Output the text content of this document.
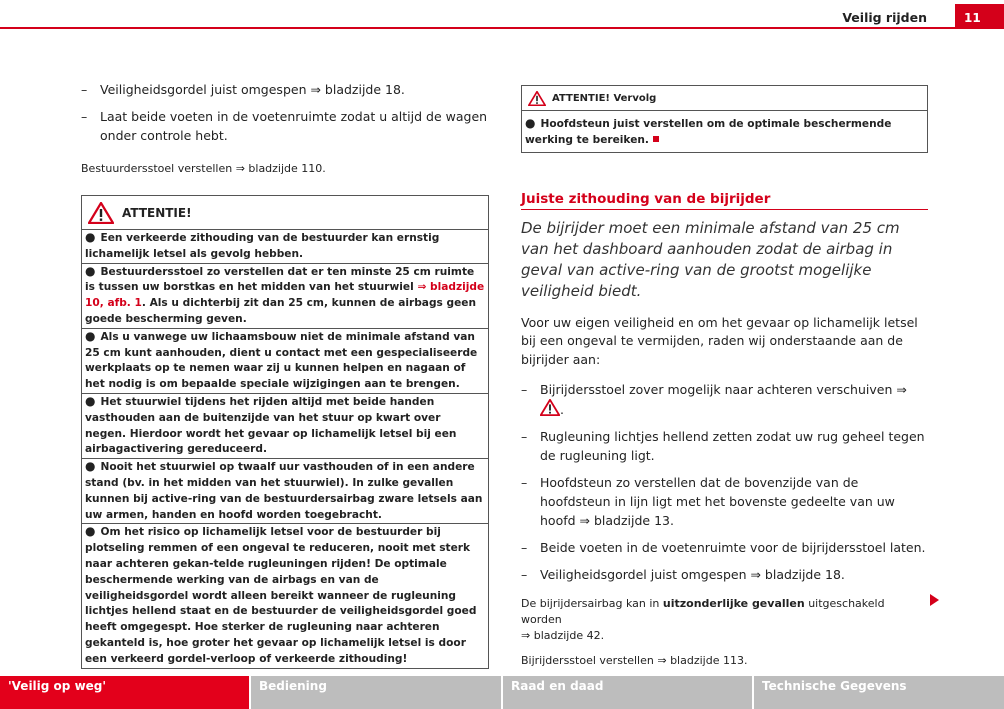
Veilig rijden	11
– Veiligheidsgordel juist omgespen ⇒ bladzijde 18.
– Laat beide voeten in de voetenruimte zodat u altijd de wagen onder controle hebt.
Bestuurdersstoel verstellen ⇒ bladzijde 110.
ATTENTIE!
● Een verkeerde zithouding van de bestuurder kan ernstig lichamelijk letsel als gevolg hebben.
● Bestuurdersstoel zo verstellen dat er ten minste 25 cm ruimte is tussen uw borstkas en het midden van het stuurwiel ⇒ bladzijde 10, afb. 1. Als u dichterbij zit dan 25 cm, kunnen de airbags geen goede bescherming geven.
● Als u vanwege uw lichaamsbouw niet de minimale afstand van 25 cm kunt aanhouden, dient u contact met een gespecialiseerde werkplaats op te nemen waar zij u kunnen helpen en nagaan of het nodig is om bepaalde speciale wijzigingen aan te brengen.
● Het stuurwiel tijdens het rijden altijd met beide handen vasthouden aan de buitenzijde van het stuur op kwart over negen. Hierdoor wordt het gevaar op lichamelijk letsel bij een airbagactivering gereduceerd.
● Nooit het stuurwiel op twaalf uur vasthouden of in een andere stand (bv. in het midden van het stuurwiel). In zulke gevallen kunnen bij active-ring van de bestuurdersairbag zware letsels aan uw armen, handen en hoofd worden toegebracht.
● Om het risico op lichamelijk letsel voor de bestuurder bij plotseling remmen of een ongeval te reduceren, nooit met sterk naar achteren gekan-telde rugleuningen rijden! De optimale beschermende werking van de airbags en van de veiligheidsgordel wordt alleen bereikt wanneer de rugleuning lichtjes hellend staat en de bestuurder de veiligheidsgordel goed heeft omgegespt. Hoe sterker de rugleuning naar achteren gekanteld is, hoe groter het gevaar op lichamelijk letsel is door een verkeerd gordel-verloop of verkeerde zithouding!
ATTENTIE! Vervolg
● Hoofdsteun juist verstellen om de optimale beschermende werking te bereiken.
Juiste zithouding van de bijrijder
De bijrijder moet een minimale afstand van 25 cm van het dashboard aanhouden zodat de airbag in geval van active-ring van de grootst mogelijke veiligheid biedt.
Voor uw eigen veiligheid en om het gevaar op lichamelijk letsel bij een ongeval te vermijden, raden wij onderstaande aan de bijrijder aan:
– Bijrijdersstoel zover mogelijk naar achteren verschuiven ⇒ .
– Rugleuning lichtjes hellend zetten zodat uw rug geheel tegen de rugleuning ligt.
– Hoofdsteun zo verstellen dat de bovenzijde van de hoofdsteun in lijn ligt met het bovenste gedeelte van uw hoofd ⇒ bladzijde 13.
– Beide voeten in de voetenruimte voor de bijrijdersstoel laten.
– Veiligheidsgordel juist omgespen ⇒ bladzijde 18.
De bijrijdersairbag kan in uitzonderlijke gevallen uitgeschakeld worden
⇒ bladzijde 42.
Bijrijdersstoel verstellen ⇒ bladzijde 113.
'Veilig op weg'	Bediening	Raad en daad	Technische Gegevens
